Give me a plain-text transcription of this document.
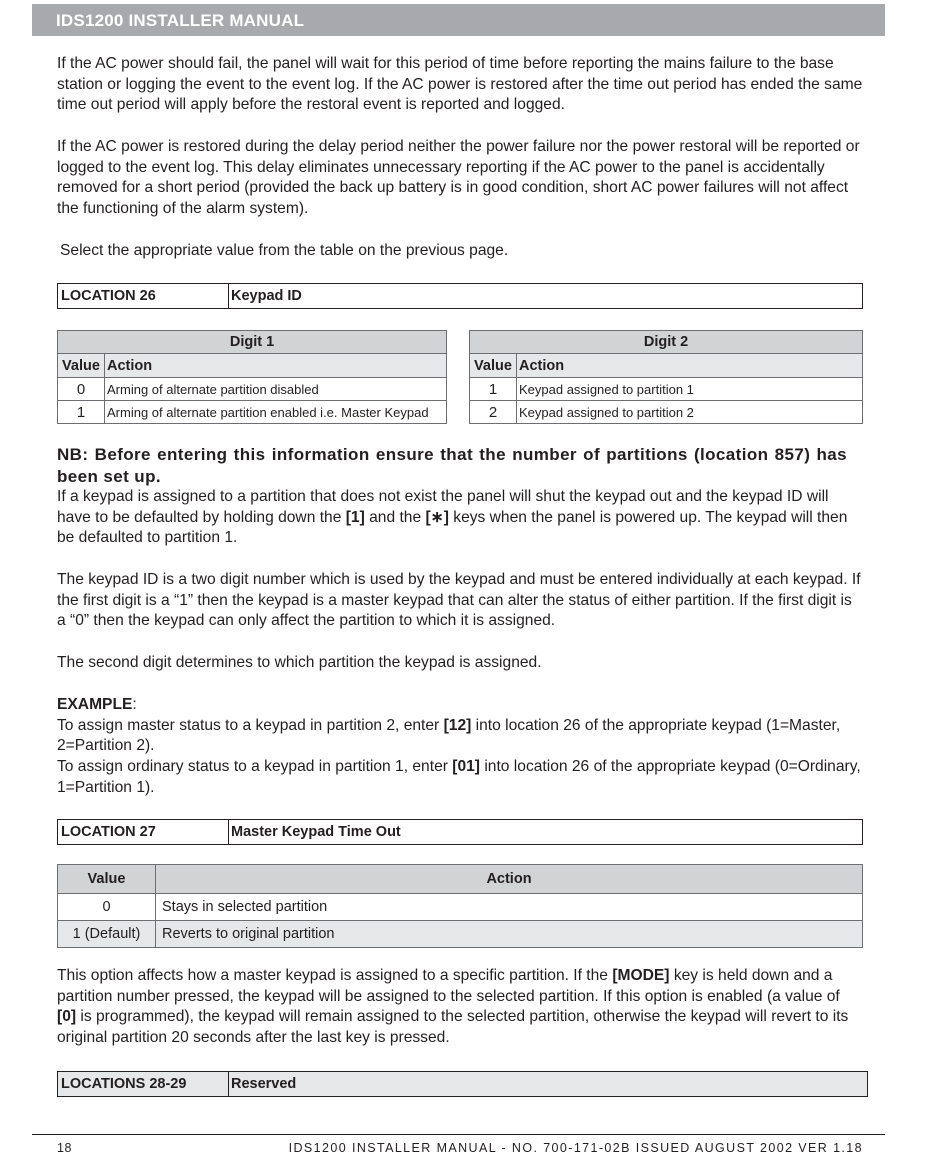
IDS1200 INSTALLER MANUAL

If the AC power should fail, the panel will wait for this period of time before reporting the mains failure to the base station or logging the event to the event log. If the AC power is restored after the time out period has ended the same time out period will apply before the restoral event is reported and logged.

If the AC power is restored during the delay period neither the power failure nor the power restoral will be reported or logged to the event log. This delay eliminates unnecessary reporting if the AC power to the panel is accidentally removed for a short period (provided the back up battery is in good condition, short AC power failures will not affect the functioning of the alarm system).

Select the appropriate value from the table on the previous page.

LOCATION 26	Keypad ID
Digit 1	
Value	Action
0	Arming of alternate partition disabled
1	Arming of alternate partition enabled i.e. Master Keypad
Digit 2	
Value	Action
1	Keypad assigned to partition 1
2	Keypad assigned to partition 2
NB: Before entering this information ensure that the number of partitions (location 857) has been set up.

If a keypad is assigned to a partition that does not exist the panel will shut the keypad out and the keypad ID will have to be defaulted by holding down the [1] and the [∗] keys when the panel is powered up. The keypad will then be defaulted to partition 1.

The keypad ID is a two digit number which is used by the keypad and must be entered individually at each keypad. If the first digit is a “1” then the keypad is a master keypad that can alter the status of either partition. If the first digit is a “0” then the keypad can only affect the partition to which it is assigned.

The second digit determines to which partition the keypad is assigned.

EXAMPLE:
To assign master status to a keypad in partition 2, enter [12] into location 26 of the appropriate keypad (1=Master, 2=Partition 2).
To assign ordinary status to a keypad in partition 1, enter [01] into location 26 of the appropriate keypad (0=Ordinary, 1=Partition 1).

LOCATION 27	Master Keypad Time Out
Value	Action
0	Stays in selected partition
1 (Default)	Reverts to original partition

This option affects how a master keypad is assigned to a specific partition. If the [MODE] key is held down and a partition number pressed, the keypad will be assigned to the selected partition. If this option is enabled (a value of [0] is programmed), the keypad will remain assigned to the selected partition, otherwise the keypad will revert to its original partition 20 seconds after the last key is pressed.

LOCATIONS 28-29	Reserved
18	IDS1200 INSTALLER MANUAL - NO. 700-171-02B ISSUED AUGUST 2002 VER 1.18
